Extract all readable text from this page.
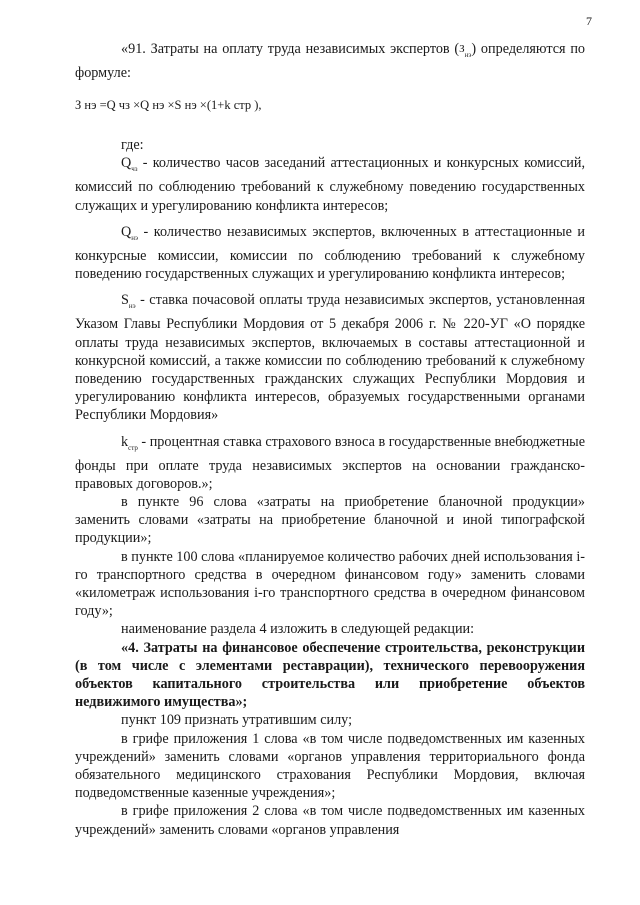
7

«91. Затраты на оплату труда независимых экспертов ($^З_{нэ}$) определяются по формуле:

З нэ =Q чз ×Q нэ ×S нэ ×(1+k стр ),

где:

$Q_{чз}$ - количество часов заседаний аттестационных и конкурсных комиссий, комиссий по соблюдению требований к служебному поведению государственных служащих и урегулированию конфликта интересов;

$Q_{нэ}$ - количество независимых экспертов, включенных в аттестационные и конкурсные комиссии, комиссии по соблюдению требований к служебному поведению государственных служащих и урегулированию конфликта интересов;

$S_{нэ}$ - ставка почасовой оплаты труда независимых экспертов, установленная Указом Главы Республики Мордовия от 5 декабря 2006 г. № 220-УГ «О порядке оплаты труда независимых экспертов, включаемых в составы аттестационной и конкурсной комиссий, а также комиссии по соблюдению требований к служебному поведению государственных гражданских служащих Республики Мордовия и урегулированию конфликта интересов, образуемых государственными органами Республики Мордовия»

$k_{стр}$ - процентная ставка страхового взноса в государственные внебюджетные фонды при оплате труда независимых экспертов на основании гражданско-правовых договоров.»;

в пункте 96 слова «затраты на приобретение бланочной продукции» заменить словами «затраты на приобретение бланочной и иной типографской продукции»;

в пункте 100 слова «планируемое количество рабочих дней использования i-го транспортного средства в очередном финансовом году» заменить словами «километраж использования i-го транспортного средства в очередном финансовом году»;

наименование раздела 4 изложить в следующей редакции:

«4. Затраты на финансовое обеспечение строительства, реконструкции (в том числе с элементами реставрации), технического перевооружения объектов капитального строительства или приобретение объектов недвижимого имущества»;

пункт 109 признать утратившим силу;

в грифе приложения 1 слова «в том числе подведомственных им казенных учреждений» заменить словами «органов управления территориального фонда обязательного медицинского страхования Республики Мордовия, включая подведомственные казенные учреждения»;

в грифе приложения 2 слова «в том числе подведомственных им казенных учреждений» заменить словами «органов управления
